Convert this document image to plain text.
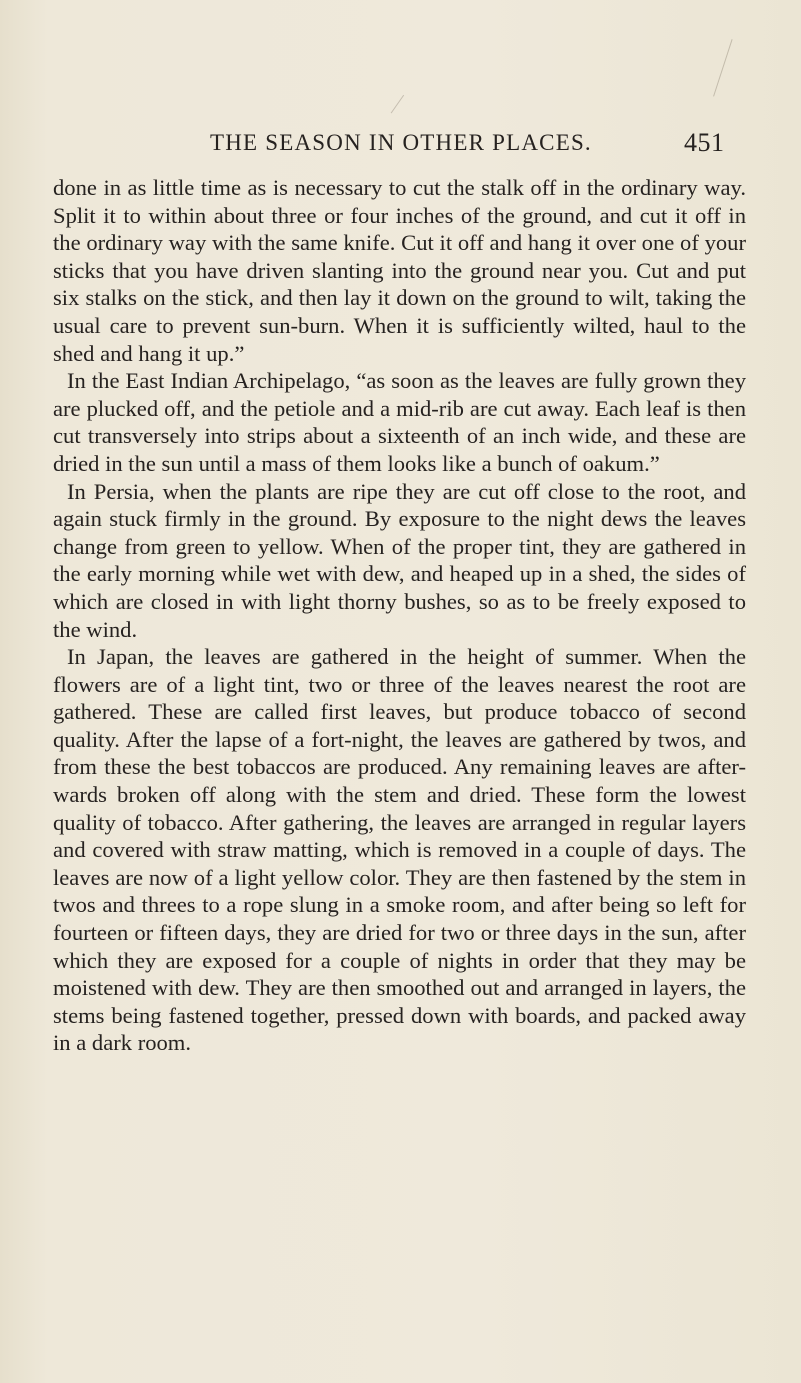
THE SEASON IN OTHER PLACES.	451

done in as little time as is necessary to cut the stalk off in the ordinary way. Split it to within about three or four inches of the ground, and cut it off in the ordinary way with the same knife. Cut it off and hang it over one of your sticks that you have driven slanting into the ground near you. Cut and put six stalks on the stick, and then lay it down on the ground to wilt, taking the usual care to prevent sun-burn. When it is sufficiently wilted, haul to the shed and hang it up.”

In the East Indian Archipelago, “as soon as the leaves are fully grown they are plucked off, and the petiole and a mid-rib are cut away. Each leaf is then cut transversely into strips about a sixteenth of an inch wide, and these are dried in the sun until a mass of them looks like a bunch of oakum.”

In Persia, when the plants are ripe they are cut off close to the root, and again stuck firmly in the ground. By exposure to the night dews the leaves change from green to yellow. When of the proper tint, they are gathered in the early morning while wet with dew, and heaped up in a shed, the sides of which are closed in with light thorny bushes, so as to be freely exposed to the wind.

In Japan, the leaves are gathered in the height of summer. When the flowers are of a light tint, two or three of the leaves nearest the root are gathered. These are called first leaves, but produce tobacco of second quality. After the lapse of a fort-night, the leaves are gathered by twos, and from these the best tobaccos are produced. Any remaining leaves are after-wards broken off along with the stem and dried. These form the lowest quality of tobacco. After gathering, the leaves are arranged in regular layers and covered with straw matting, which is removed in a couple of days. The leaves are now of a light yellow color. They are then fastened by the stem in twos and threes to a rope slung in a smoke room, and after being so left for fourteen or fifteen days, they are dried for two or three days in the sun, after which they are exposed for a couple of nights in order that they may be moistened with dew. They are then smoothed out and arranged in layers, the stems being fastened together, pressed down with boards, and packed away in a dark room.
